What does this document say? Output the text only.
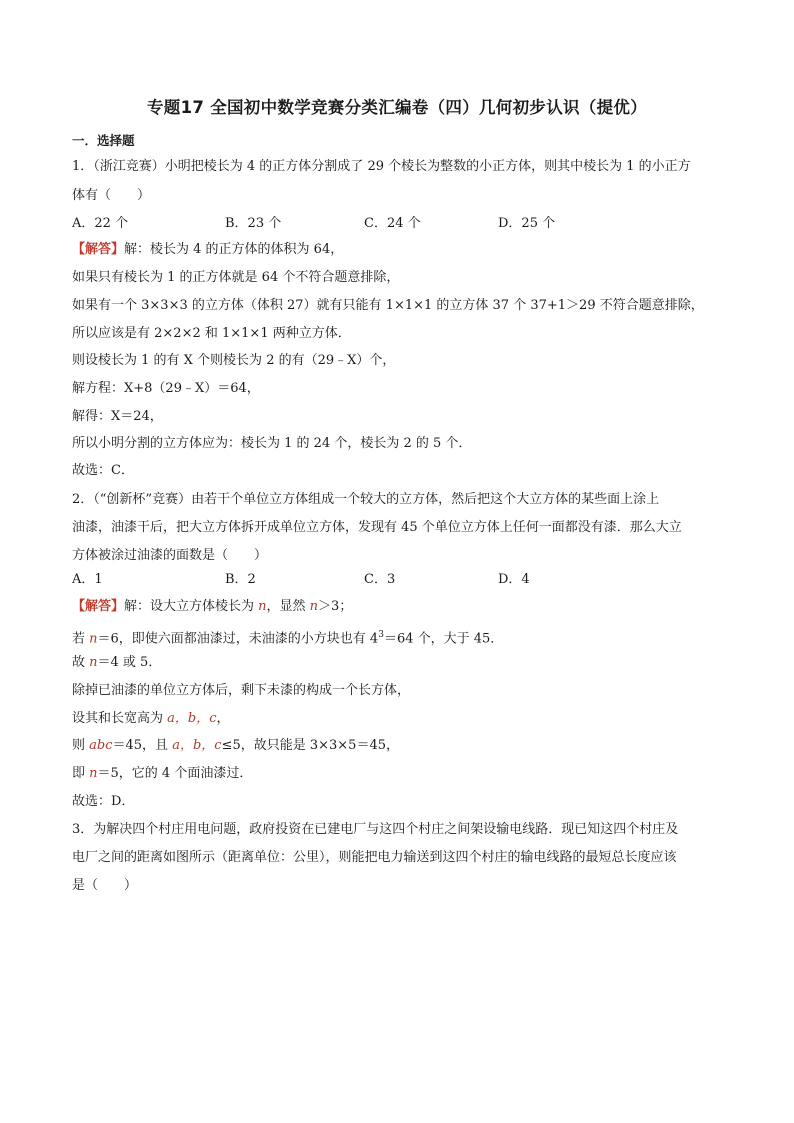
专题17 全国初中数学竞赛分类汇编卷（四）几何初步认识（提优）
一．选择题
1．（浙江竞赛）小明把棱长为 4 的正方体分割成了 29 个棱长为整数的小正方体，则其中棱长为 1 的小正方
体有（　　）
A．22 个	B．23 个	C．24 个	D．25 个
【解答】解：棱长为 4 的正方体的体积为 64，
如果只有棱长为 1 的正方体就是 64 个不符合题意排除，
如果有一个 3×3×3 的立方体（体积 27）就有只能有 1×1×1 的立方体 37 个 37+1＞29 不符合题意排除，
所以应该是有 2×2×2 和 1×1×1 两种立方体．
则设棱长为 1 的有 X 个则棱长为 2 的有（29﹣X）个，
解方程：X+8（29﹣X）＝64，
解得：X＝24，
所以小明分割的立方体应为：棱长为 1 的 24 个，棱长为 2 的 5 个．
故选：C．
2．（“创新杯”竞赛）由若干个单位立方体组成一个较大的立方体，然后把这个大立方体的某些面上涂上
油漆，油漆干后，把大立方体拆开成单位立方体，发现有 45 个单位立方体上任何一面都没有漆．那么大立
方体被涂过油漆的面数是（　　）
A．1	B．2	C．3	D．4
【解答】解：设大立方体棱长为 n，显然 n＞3；
若 n＝6，即使六面都油漆过，未油漆的小方块也有 $4^3=64$ 个，大于 45．
故 n＝4 或 5．
除掉已油漆的单位立方体后，剩下未漆的构成一个长方体，
设其和长宽高为 a，b，c，
则 abc＝45，且 a，b，c≤5，故只能是 3×3×5＝45，
即 n＝5，它的 4 个面油漆过．
故选：D．
3．为解决四个村庄用电问题，政府投资在已建电厂与这四个村庄之间架设输电线路．现已知这四个村庄及
电厂之间的距离如图所示（距离单位：公里），则能把电力输送到这四个村庄的输电线路的最短总长度应该
是（　　）
